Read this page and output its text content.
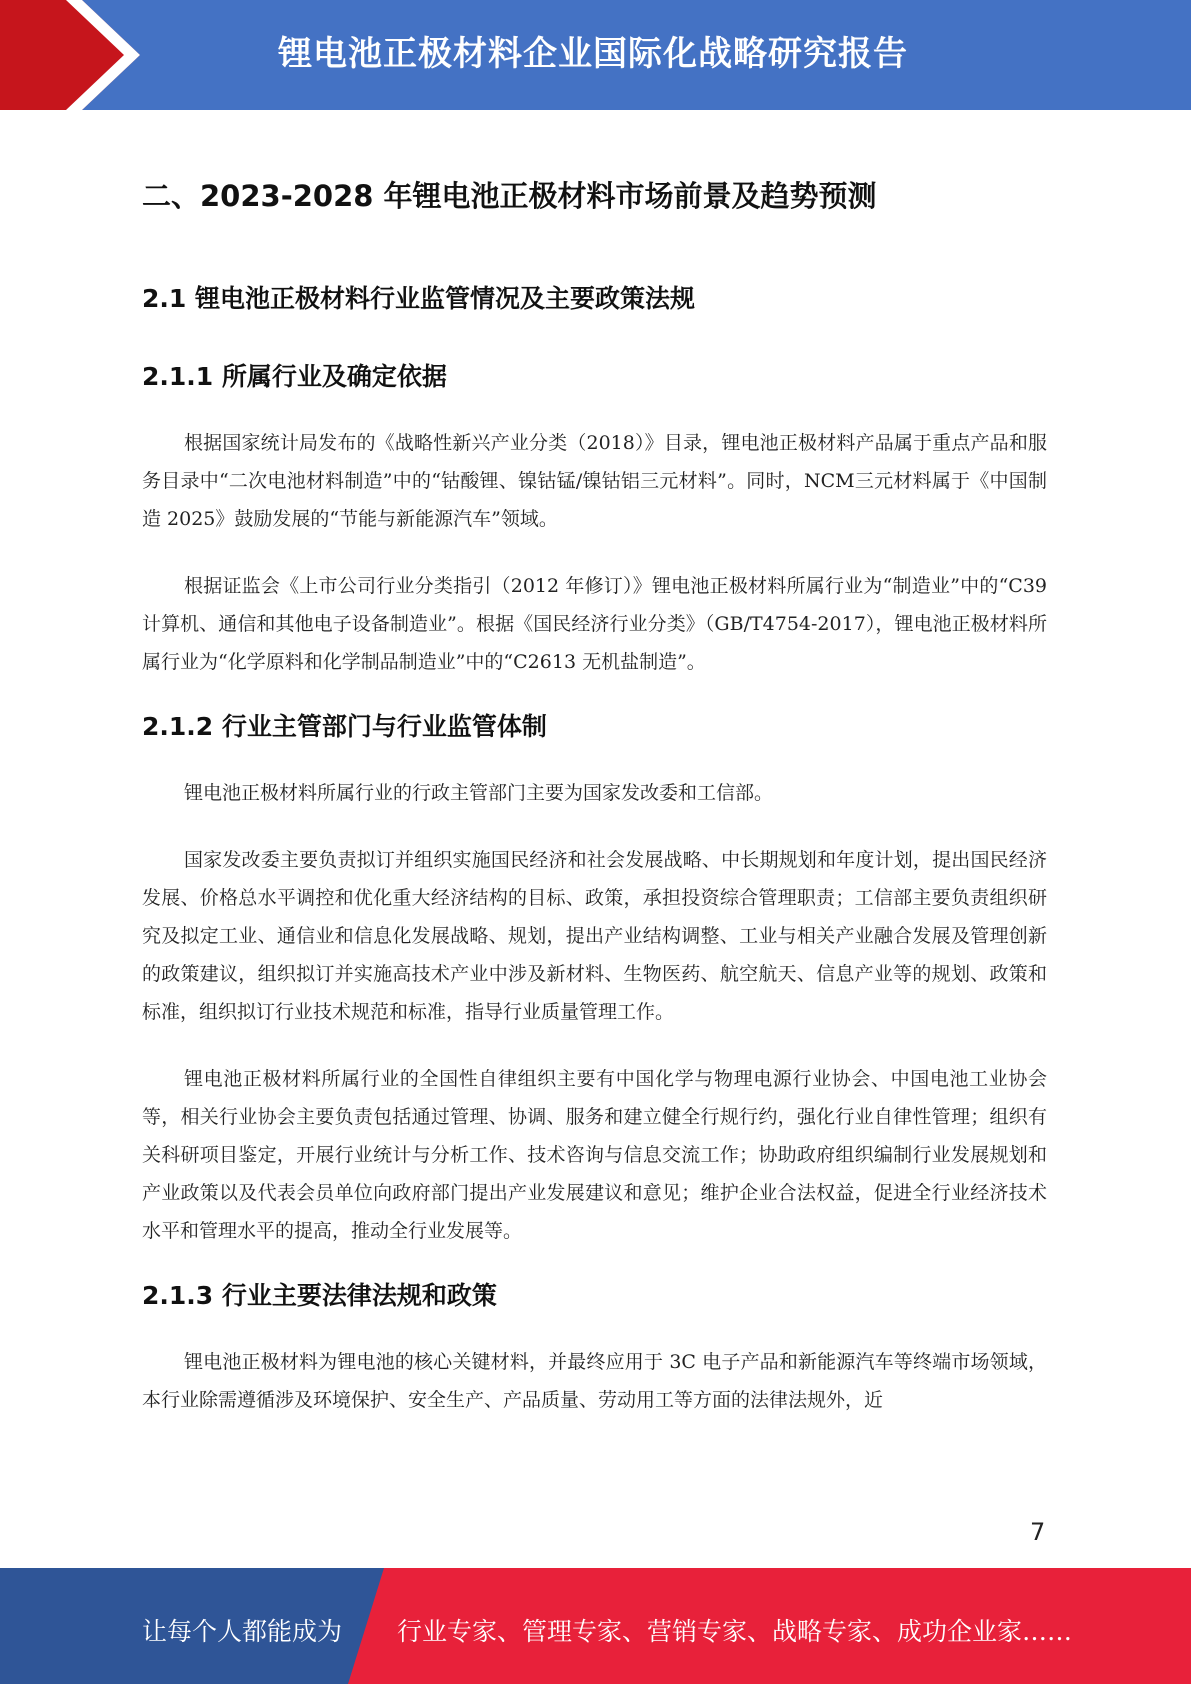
锂电池正极材料企业国际化战略研究报告
二、2023-2028 年锂电池正极材料市场前景及趋势预测
2.1 锂电池正极材料行业监管情况及主要政策法规
2.1.1 所属行业及确定依据

根据国家统计局发布的《战略性新兴产业分类（2018）》目录，锂电池正极材料产品属于重点产品和服务目录中“二次电池材料制造”中的“钴酸锂、镍钴锰/镍钴铝三元材料”。同时，NCM三元材料属于《中国制造 2025》鼓励发展的“节能与新能源汽车”领域。

根据证监会《上市公司行业分类指引（2012 年修订）》锂电池正极材料所属行业为“制造业”中的“C39 计算机、通信和其他电子设备制造业”。根据《国民经济行业分类》（GB/T4754-2017），锂电池正极材料所属行业为“化学原料和化学制品制造业”中的“C2613 无机盐制造”。

2.1.2 行业主管部门与行业监管体制

锂电池正极材料所属行业的行政主管部门主要为国家发改委和工信部。

国家发改委主要负责拟订并组织实施国民经济和社会发展战略、中长期规划和年度计划，提出国民经济发展、价格总水平调控和优化重大经济结构的目标、政策，承担投资综合管理职责；工信部主要负责组织研究及拟定工业、通信业和信息化发展战略、规划，提出产业结构调整、工业与相关产业融合发展及管理创新的政策建议，组织拟订并实施高技术产业中涉及新材料、生物医药、航空航天、信息产业等的规划、政策和标准，组织拟订行业技术规范和标准，指导行业质量管理工作。

锂电池正极材料所属行业的全国性自律组织主要有中国化学与物理电源行业协会、中国电池工业协会等，相关行业协会主要负责包括通过管理、协调、服务和建立健全行规行约，强化行业自律性管理；组织有关科研项目鉴定，开展行业统计与分析工作、技术咨询与信息交流工作；协助政府组织编制行业发展规划和产业政策以及代表会员单位向政府部门提出产业发展建议和意见；维护企业合法权益，促进全行业经济技术水平和管理水平的提高，推动全行业发展等。

2.1.3 行业主要法律法规和政策

锂电池正极材料为锂电池的核心关键材料，并最终应用于 3C 电子产品和新能源汽车等终端市场领域，本行业除需遵循涉及环境保护、安全生产、产品质量、劳动用工等方面的法律法规外，近

7
让每个人都能成为 行业专家、管理专家、营销专家、战略专家、成功企业家……
